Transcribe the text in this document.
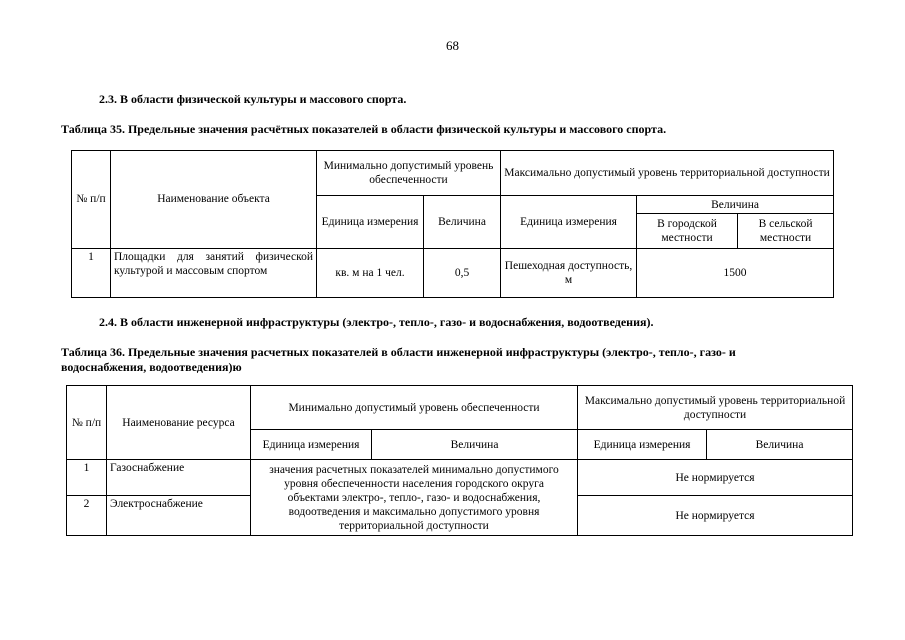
68
2.3. В области физической культуры и массового спорта.
Таблица 35. Предельные значения расчётных показателей в области физической культуры и массового спорта.
№ п/п	Наименование объекта	Минимально допустимый уровень обеспеченности		Максимально допустимый уровень территориальной доступности		
		Единица измерения	Величина	Единица измерения	Величина	
					В городской местности	В сельской местности
1	Площадки для занятий физической культурой и массовым спортом	кв. м на 1 чел.	0,5	Пешеходная доступность, м	1500	
2.4. В области инженерной инфраструктуры (электро-, тепло-, газо- и водоснабжения, водоотведения).
Таблица 36. Предельные значения расчетных показателей в области инженерной инфраструктуры (электро-, тепло-, газо- и водоснабжения, водоотведения)ю
№ п/п	Наименование ресурса	Минимально допустимый уровень обеспеченности		Максимально допустимый уровень территориальной доступности	
		Единица измерения	Величина	Единица измерения	Величина
1	Газоснабжение	значения расчетных показателей минимально допустимого уровня обеспеченности населения городского округа объектами электро-, тепло-, газо- и водоснабжения, водоотведения и максимально допустимого уровня территориальной доступности		Не нормируется	
2	Электроснабжение			Не нормируется	
